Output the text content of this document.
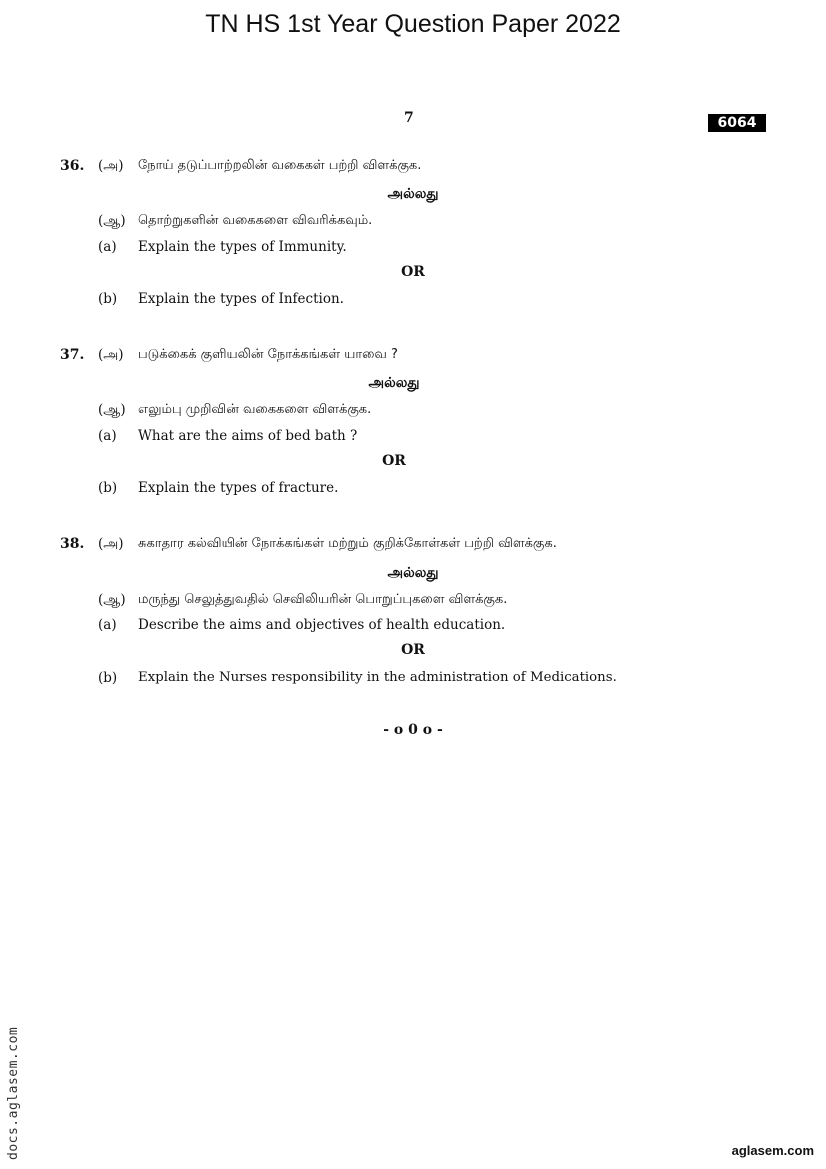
TN HS 1st Year Question Paper 2022
7	6064
36. (அ) நோய் தடுப்பாற்றலின் வகைகள் பற்றி விளக்குக.
அல்லது
(ஆ) தொற்றுகளின் வகைகளை விவரிக்கவும்.
(a) Explain the types of Immunity.
OR
(b) Explain the types of Infection.
37. (அ) படுக்கைக் குளியலின் நோக்கங்கள் யாவை ?
அல்லது
(ஆ) எலும்பு முறிவின் வகைகளை விளக்குக.
(a) What are the aims of bed bath ?
OR
(b) Explain the types of fracture.
38. (அ) சுகாதார கல்வியின் நோக்கங்கள் மற்றும் குறிக்கோள்கள் பற்றி விளக்குக.
அல்லது
(ஆ) மருந்து செலுத்துவதில் செவிலியரின் பொறுப்புகளை விளக்குக.
(a) Describe the aims and objectives of health education.
OR
(b) Explain the Nurses responsibility in the administration of Medications.
- o 0 o -
docs.aglasem.com	aglasem.com
